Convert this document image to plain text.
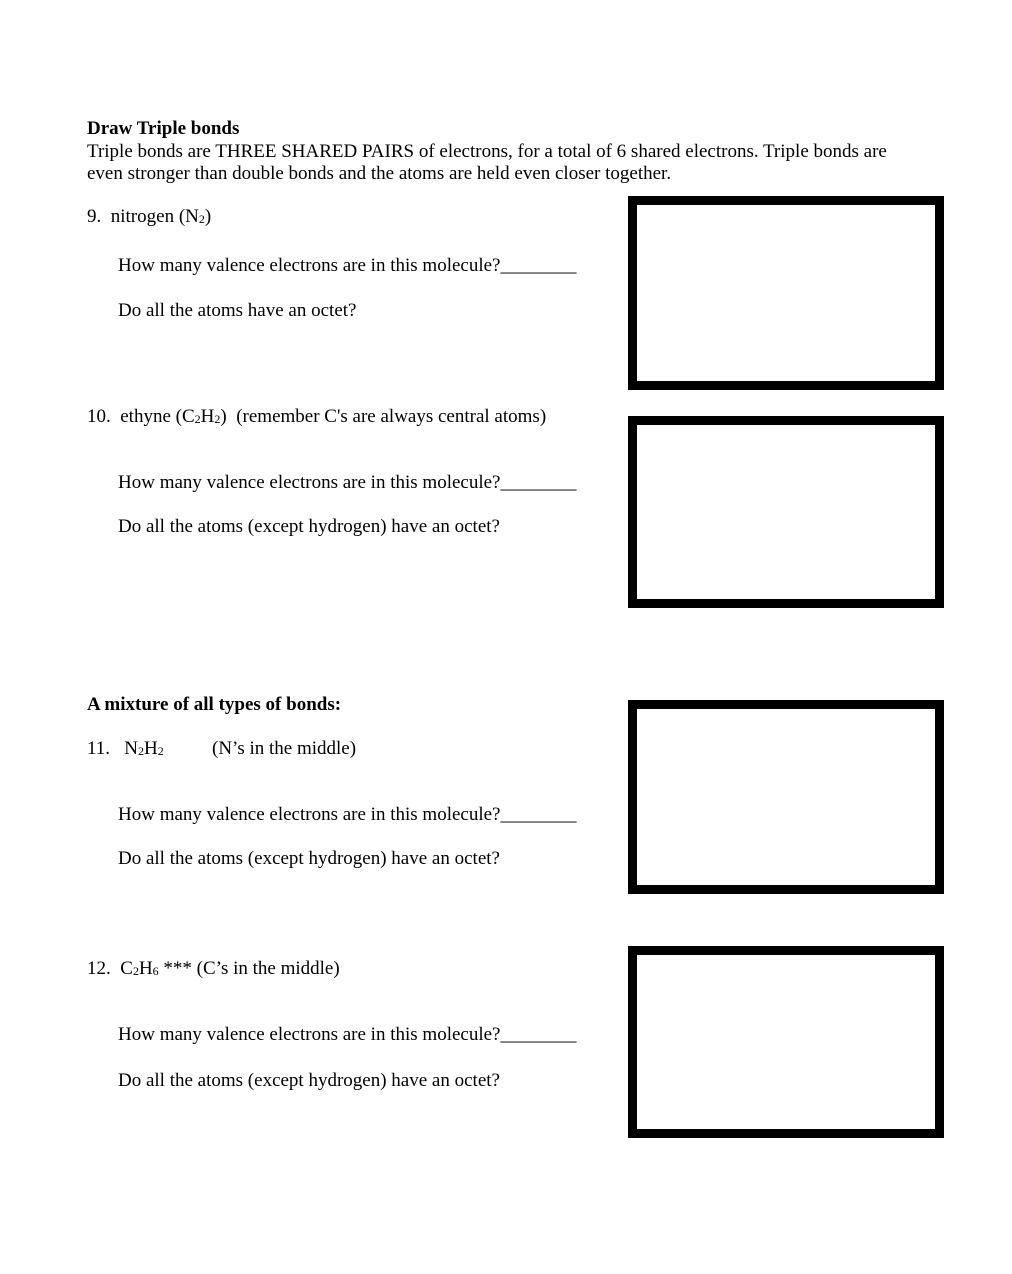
Draw Triple bonds
Triple bonds are THREE SHARED PAIRS of electrons, for a total of 6 shared electrons. Triple bonds are even stronger than double bonds and the atoms are held even closer together.
9. nitrogen (N2)
How many valence electrons are in this molecule?________
Do all the atoms have an octet?
10. ethyne (C2H2)  (remember C's are always central atoms)
How many valence electrons are in this molecule?________
Do all the atoms (except hydrogen) have an octet?
A mixture of all types of bonds:
11. N2H2	(N’s in the middle)
How many valence electrons are in this molecule?________
Do all the atoms (except hydrogen) have an octet?
12. C2H6 *** (C’s in the middle)
How many valence electrons are in this molecule?________
Do all the atoms (except hydrogen) have an octet?
